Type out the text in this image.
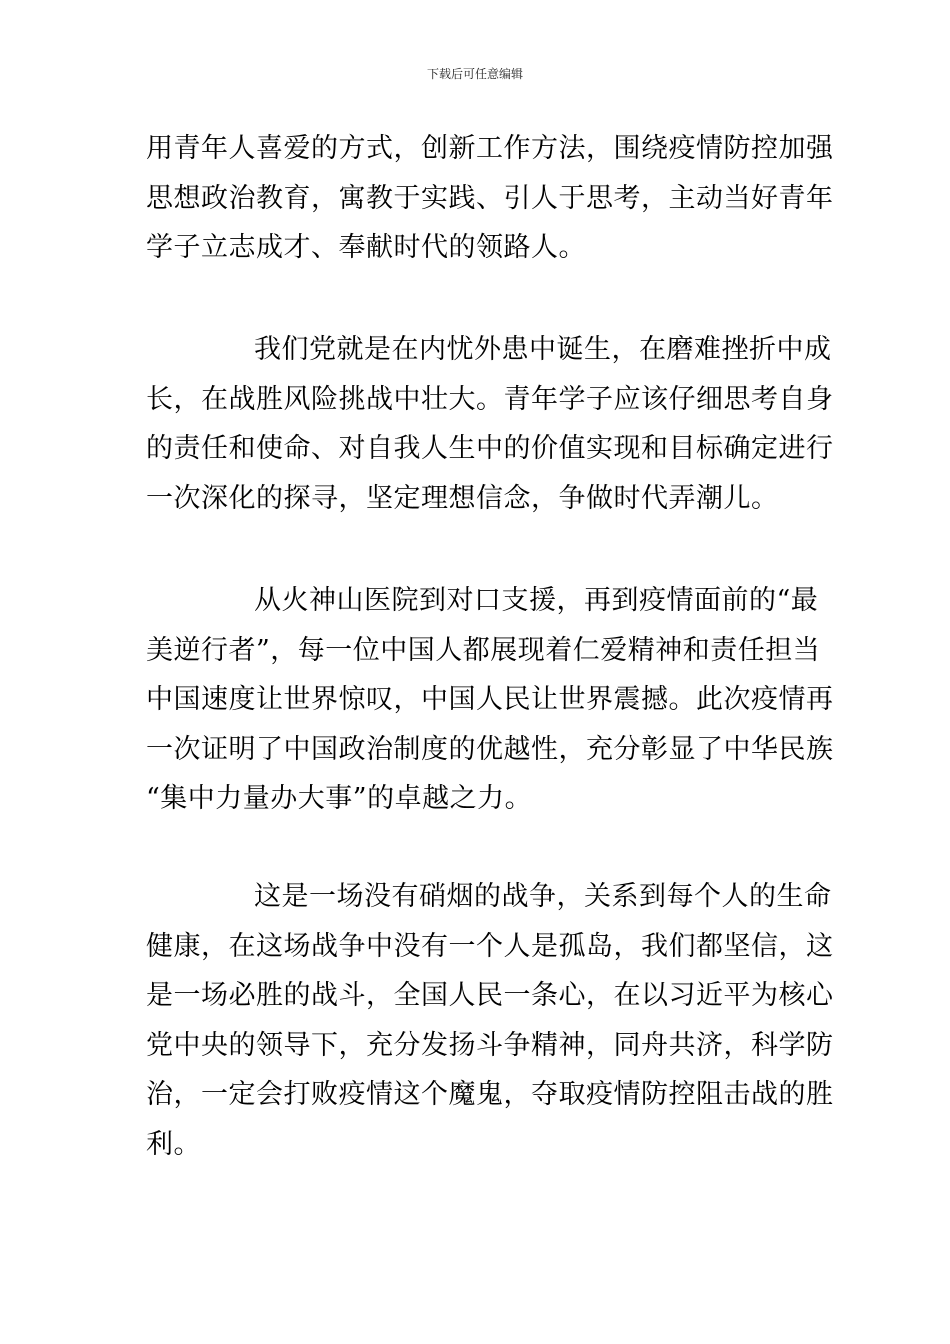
下载后可任意编辑
用青年人喜爱的方式，创新工作方法，围绕疫情防控加强
思想政治教育，寓教于实践、引人于思考，主动当好青年
学子立志成才、奉献时代的领路人。
我们党就是在内忧外患中诞生，在磨难挫折中成
长，在战胜风险挑战中壮大。青年学子应该仔细思考自身
的责任和使命、对自我人生中的价值实现和目标确定进行
一次深化的探寻，坚定理想信念，争做时代弄潮儿。
从火神山医院到对口支援，再到疫情面前的“最
美逆行者”，每一位中国人都展现着仁爱精神和责任担当
中国速度让世界惊叹，中国人民让世界震撼。此次疫情再
一次证明了中国政治制度的优越性，充分彰显了中华民族
“集中力量办大事”的卓越之力。
这是一场没有硝烟的战争，关系到每个人的生命
健康，在这场战争中没有一个人是孤岛，我们都坚信，这
是一场必胜的战斗，全国人民一条心，在以习近平为核心
党中央的领导下，充分发扬斗争精神，同舟共济，科学防
治，一定会打败疫情这个魔鬼，夺取疫情防控阻击战的胜
利。
